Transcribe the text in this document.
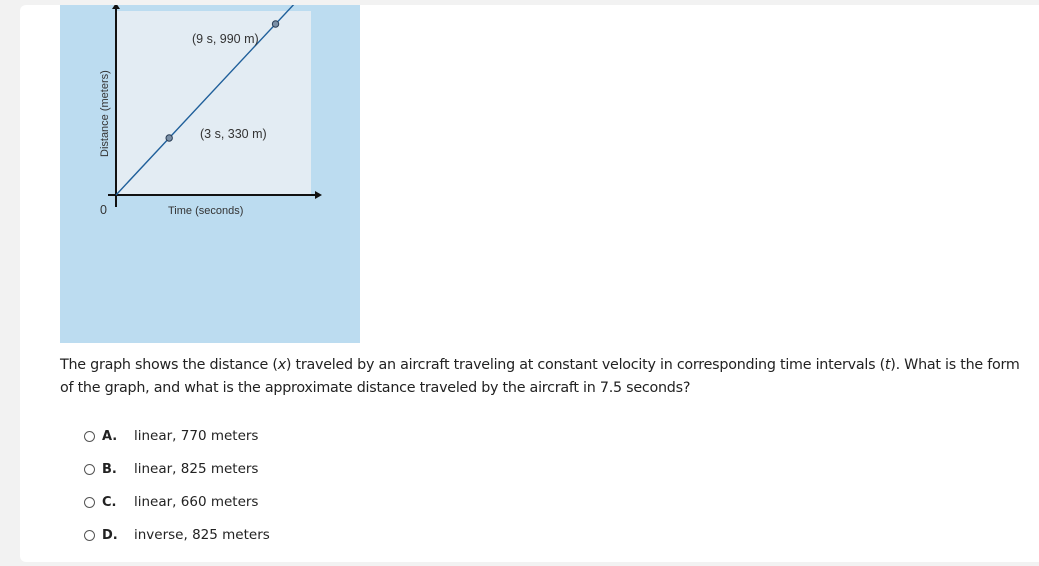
(9 s, 990 m)
(3 s, 330 m)
0	Time (seconds)
Distance (meters)
The graph shows the distance (x) traveled by an aircraft traveling at constant velocity in corresponding time intervals (t). What is the form of the graph, and what is the approximate distance traveled by the aircraft in 7.5 seconds?
A.	linear, 770 meters
B.	linear, 825 meters
C.	linear, 660 meters
D.	inverse, 825 meters
